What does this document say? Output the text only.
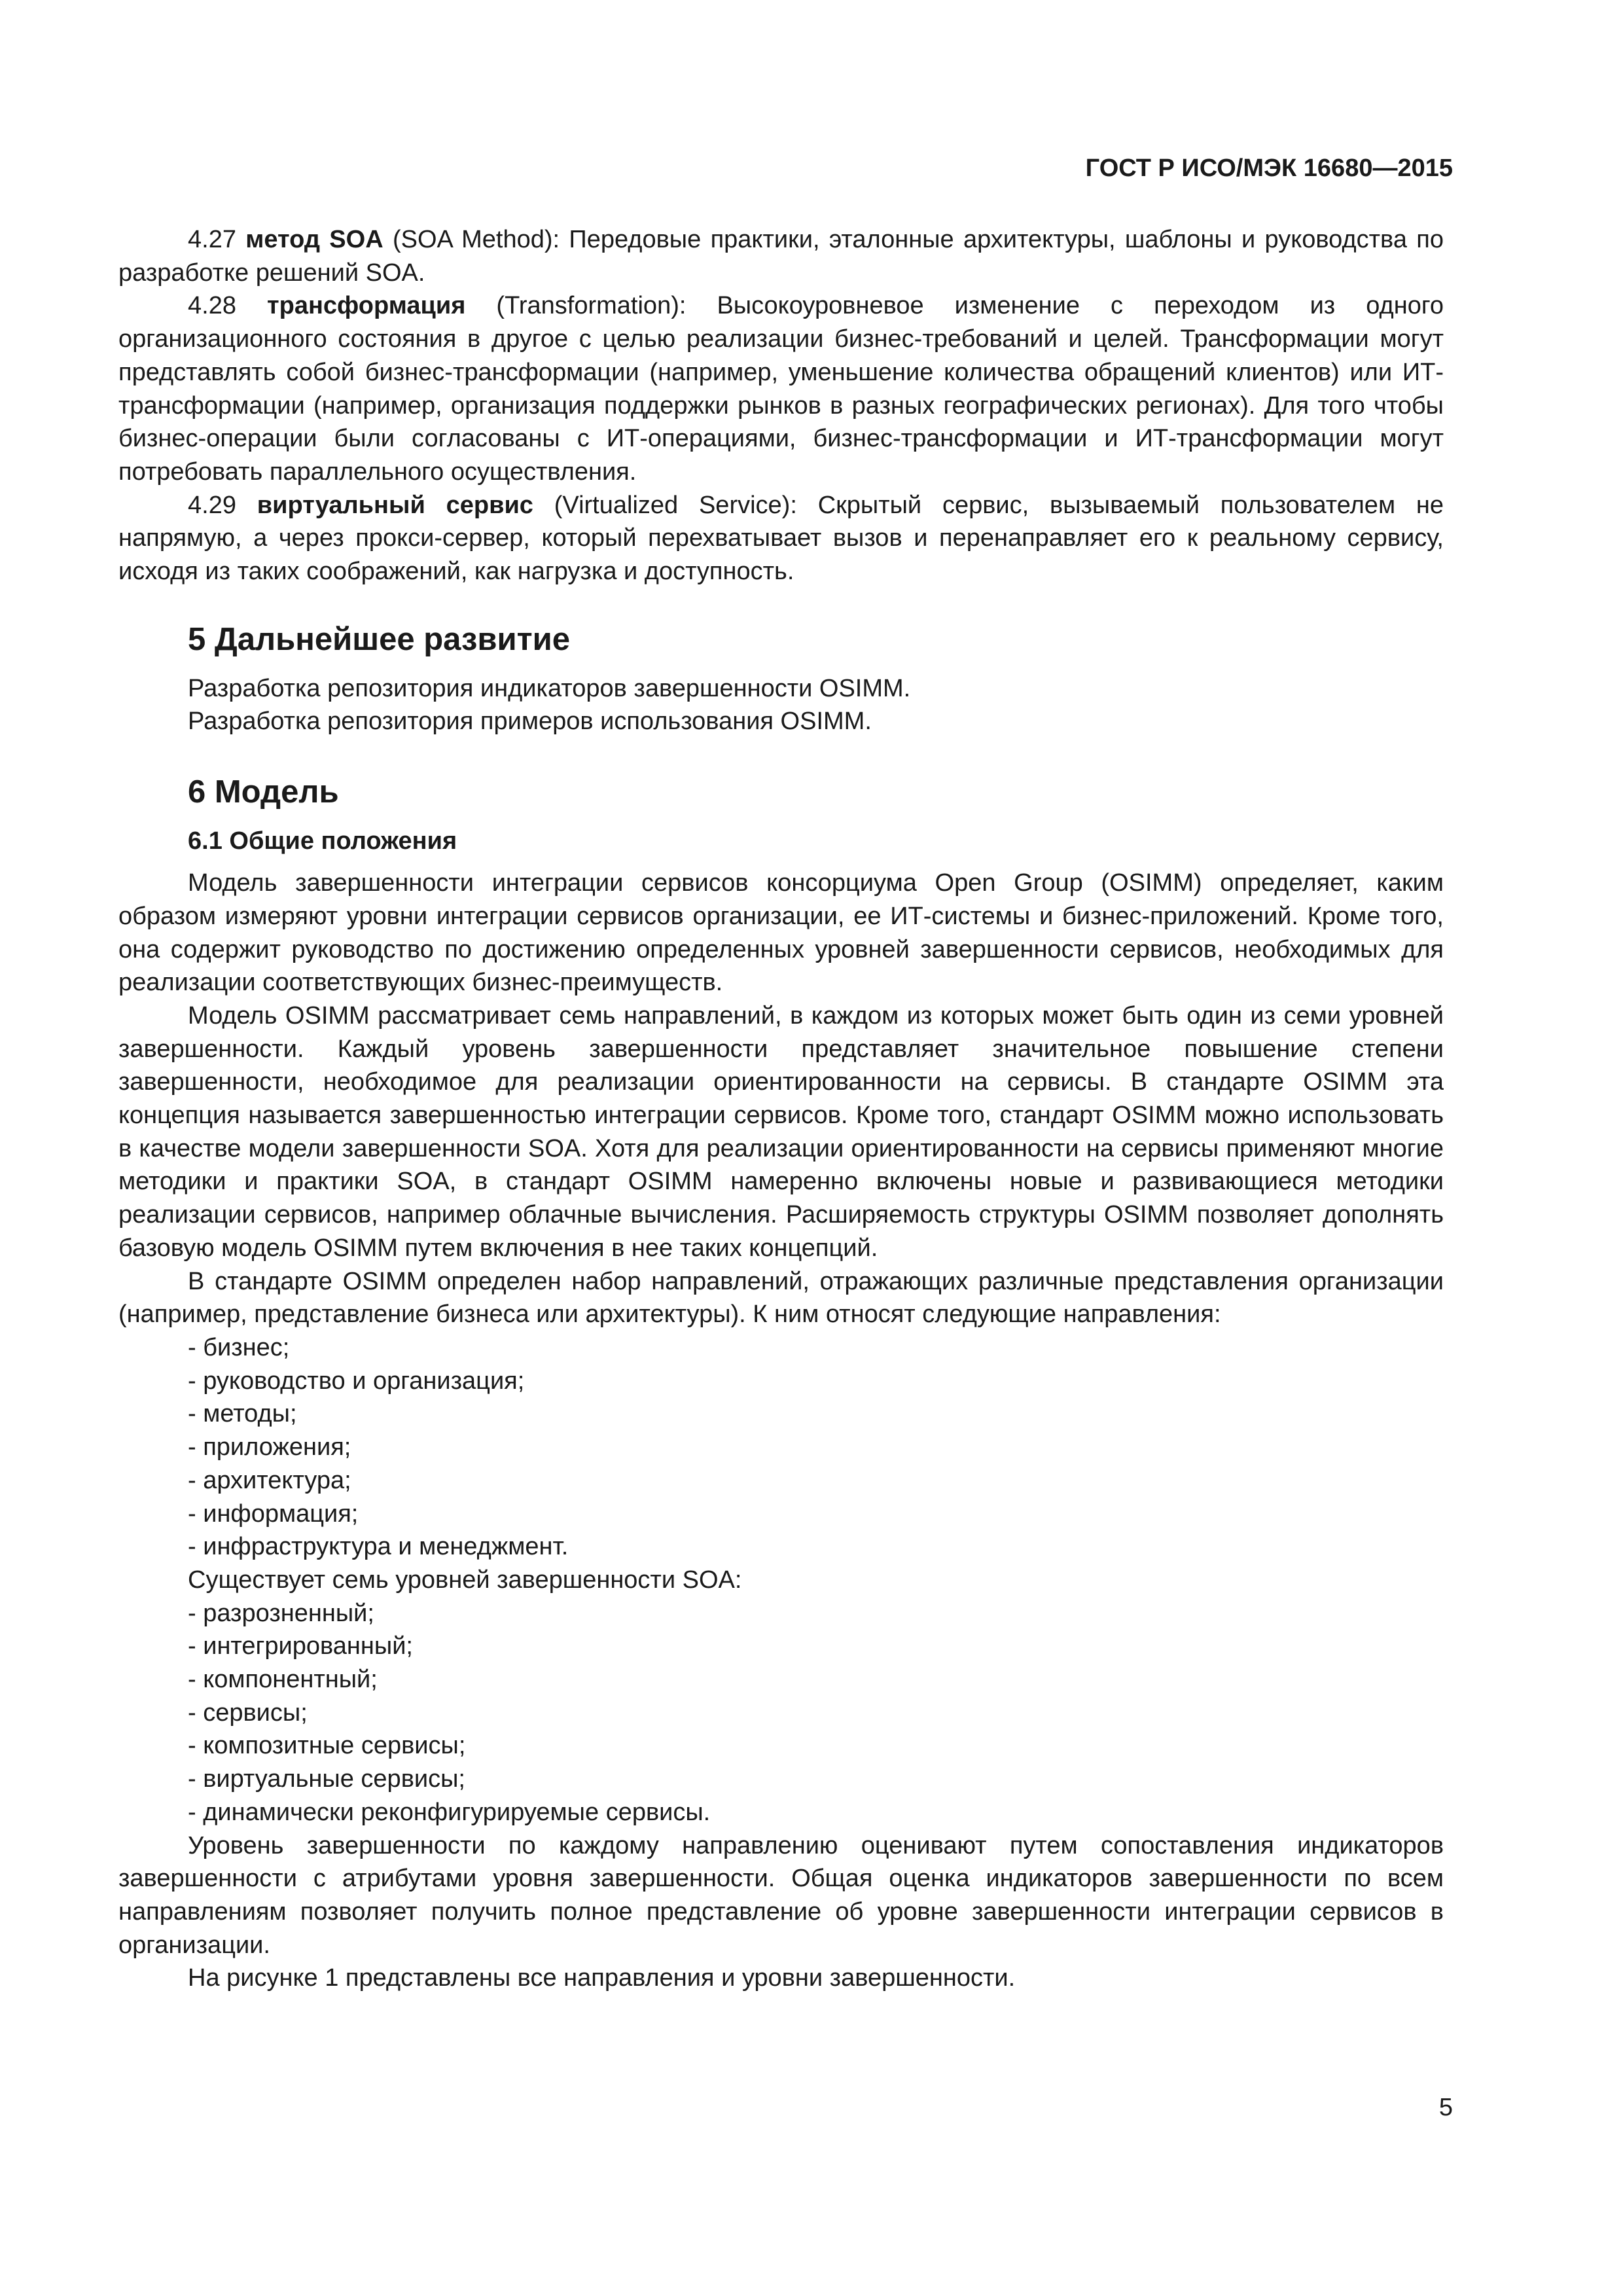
ГОСТ Р ИСО/МЭК 16680—2015

4.27 метод SOA (SOA Method): Передовые практики, эталонные архитектуры, шаблоны и руководства по разработке решений SOA.

4.28 трансформация (Transformation): Высокоуровневое изменение с переходом из одного организационного состояния в другое с целью реализации бизнес-требований и целей. Трансформации могут представлять собой бизнес-трансформации (например, уменьшение количества обращений клиентов) или ИТ-трансформации (например, организация поддержки рынков в разных географических регионах). Для того чтобы бизнес-операции были согласованы с ИТ-операциями, бизнес-трансформации и ИТ-трансформации могут потребовать параллельного осуществления.

4.29 виртуальный сервис (Virtualized Service): Скрытый сервис, вызываемый пользователем не напрямую, а через прокси-сервер, который перехватывает вызов и перенаправляет его к реальному сервису, исходя из таких соображений, как нагрузка и доступность.

5 Дальнейшее развитие

Разработка репозитория индикаторов завершенности OSIMM.

Разработка репозитория примеров использования OSIMM.

6 Модель
6.1 Общие положения

Модель завершенности интеграции сервисов консорциума Open Group (OSIMM) определяет, каким образом измеряют уровни интеграции сервисов организации, ее ИТ-системы и бизнес-приложений. Кроме того, она содержит руководство по достижению определенных уровней завершенности сервисов, необходимых для реализации соответствующих бизнес-преимуществ.

Модель OSIMM рассматривает семь направлений, в каждом из которых может быть один из семи уровней завершенности. Каждый уровень завершенности представляет значительное повышение степени завершенности, необходимое для реализации ориентированности на сервисы. В стандарте OSIMM эта концепция называется завершенностью интеграции сервисов. Кроме того, стандарт OSIMM можно использовать в качестве модели завершенности SOA. Хотя для реализации ориентированности на сервисы применяют многие методики и практики SOA, в стандарт OSIMM намеренно включены новые и развивающиеся методики реализации сервисов, например облачные вычисления. Расширяемость структуры OSIMM позволяет дополнять базовую модель OSIMM путем включения в нее таких концепций.

В стандарте OSIMM определен набор направлений, отражающих различные представления организации (например, представление бизнеса или архитектуры). К ним относят следующие направления:

- бизнес;

- руководство и организация;

- методы;

- приложения;

- архитектура;

- информация;

- инфраструктура и менеджмент.

Существует семь уровней завершенности SOA:

- разрозненный;

- интегрированный;

- компонентный;

- сервисы;

- композитные сервисы;

- виртуальные сервисы;

- динамически реконфигурируемые сервисы.

Уровень завершенности по каждому направлению оценивают путем сопоставления индикаторов завершенности с атрибутами уровня завершенности. Общая оценка индикаторов завершенности по всем направлениям позволяет получить полное представление об уровне завершенности интеграции сервисов в организации.

На рисунке 1 представлены все направления и уровни завершенности.

5
